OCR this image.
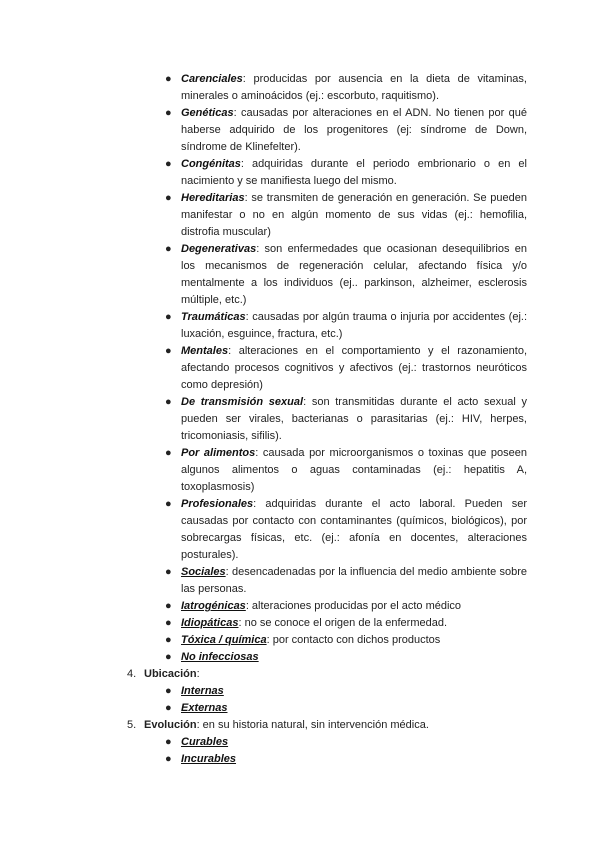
● Carenciales: producidas por ausencia en la dieta de vitaminas, minerales o aminoácidos (ej.: escorbuto, raquitismo).
● Genéticas: causadas por alteraciones en el ADN. No tienen por qué haberse adquirido de los progenitores (ej: síndrome de Down, síndrome de Klinefelter).
● Congénitas: adquiridas durante el periodo embrionario o en el nacimiento y se manifiesta luego del mismo.
● Hereditarias: se transmiten de generación en generación. Se pueden manifestar o no en algún momento de sus vidas (ej.: hemofilia, distrofia muscular)
● Degenerativas: son enfermedades que ocasionan desequilibrios en los mecanismos de regeneración celular, afectando física y/o mentalmente a los individuos (ej.. parkinson, alzheimer, esclerosis múltiple, etc.)
● Traumáticas: causadas por algún trauma o injuria por accidentes (ej.: luxación, esguince, fractura, etc.)
● Mentales: alteraciones en el comportamiento y el razonamiento, afectando procesos cognitivos y afectivos (ej.: trastornos neuróticos como depresión)
● De transmisión sexual: son transmitidas durante el acto sexual y pueden ser virales, bacterianas o parasitarias (ej.: HIV, herpes, tricomoniasis, sifilis).
● Por alimentos: causada por microorganismos o toxinas que poseen algunos alimentos o aguas contaminadas (ej.: hepatitis A, toxoplasmosis)
● Profesionales: adquiridas durante el acto laboral. Pueden ser causadas por contacto con contaminantes (químicos, biológicos), por sobrecargas físicas, etc. (ej.: afonía en docentes, alteraciones posturales).
● Sociales: desencadenadas por la influencia del medio ambiente sobre las personas.
● Iatrogénicas: alteraciones producidas por el acto médico
● Idiopáticas: no se conoce el origen de la enfermedad.
● Tóxica / química: por contacto con dichos productos
● No infecciosas
4. Ubicación:
● Internas
● Externas
5. Evolución: en su historia natural, sin intervención médica.
● Curables
● Incurables
